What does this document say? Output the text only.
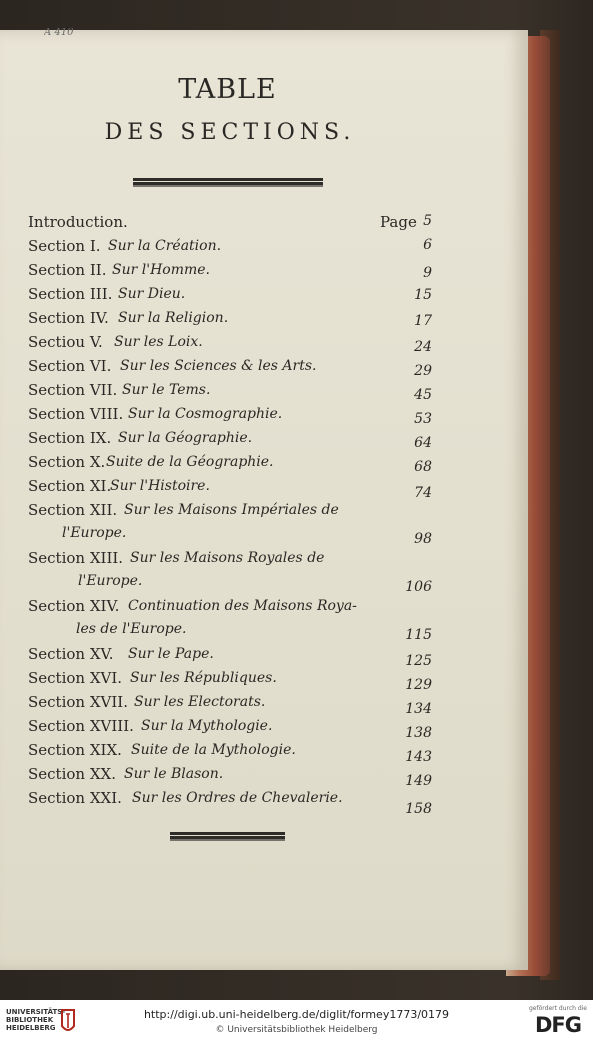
A 410
TABLE
DES SECTIONS.
Page
Introduction.	5
Section I. Sur la Création.	6
Section II. Sur l'Homme.	9
Section III. Sur Dieu.	15
Section IV. Sur la Religion.	17
Sectiou V. Sur les Loix.	24
Section VI. Sur les Sciences & les Arts.	29
Section VII. Sur le Tems.	45
Section VIII. Sur la Cosmographie.	53
Section IX. Sur la Géographie.	64
Section X. Suite de la Géographie.	68
Section XI.
Sur l'Histoire.	74
Section XII. Sur les Maisons Impériales de
l'Europe.	98
Section XIII. Sur les Maisons Royales de
l'Europe.	106
Section XIV. Continuation des Maisons Roya-
les de l'Europe.	115
Section XV. Sur le Pape.	125
Section XVI. Sur les Républiques.	129
Section XVII. Sur les Electorats.	134
Section XVIII. Sur la Mythologie.	138
Section XIX. Suite de la Mythologie.	143
Section XX. Sur le Blason.	149
Section XXI. Sur les Ordres de Chevalerie.
158
UNIVERSITÄTS-
BIBLIOTHEK
HEIDELBERG
http://digi.ub.uni-heidelberg.de/diglit/formey1773/0179
© Universitätsbibliothek Heidelberg
gefördert durch die
DFG
